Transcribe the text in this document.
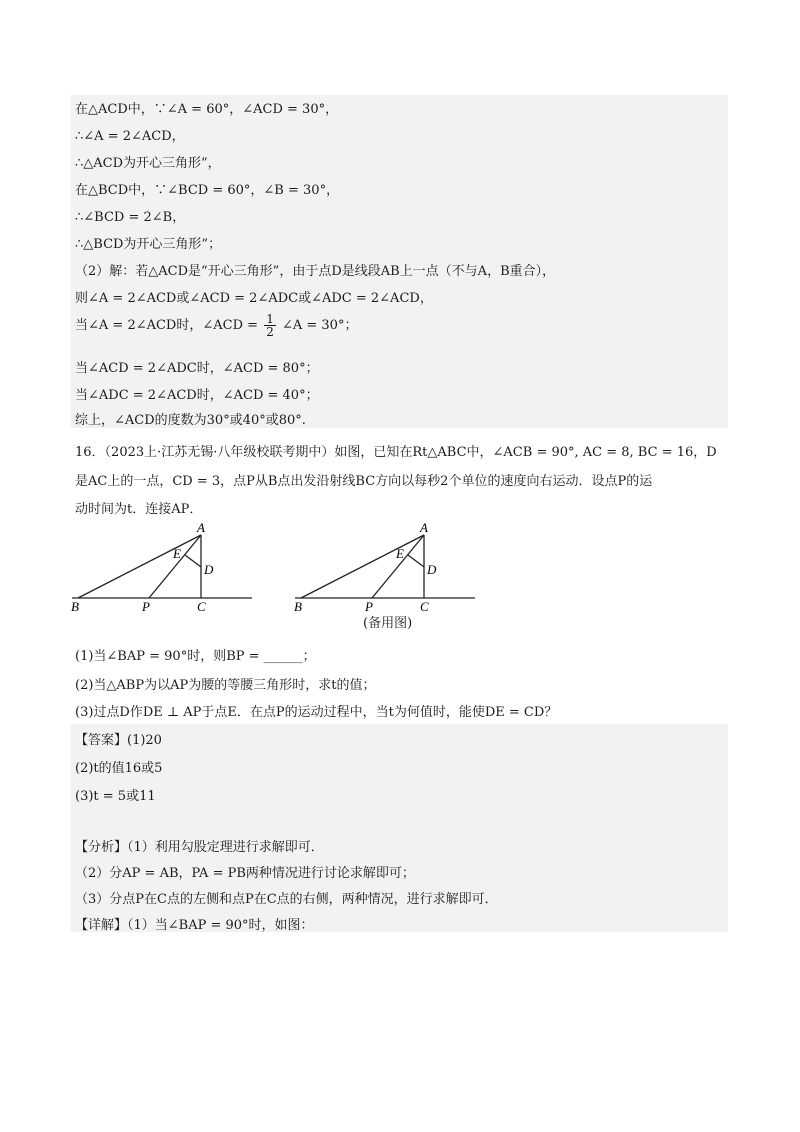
在△ACD中，∵∠A = 60°，∠ACD = 30°，
∴∠A = 2∠ACD，
∴△ACD为开心三角形”，
在△BCD中，∵∠BCD = 60°，∠B = 30°，
∴∠BCD = 2∠B，
∴△BCD为开心三角形”；
（2）解：若△ACD是“开心三角形”，由于点D是线段AB上一点（不与A，B重合），
则∠A = 2∠ACD或∠ACD = 2∠ADC或∠ADC = 2∠ACD，
当∠A = 2∠ACD时，∠ACD = $\frac{1}{2}$ ∠A = 30°；
当∠ACD = 2∠ADC时，∠ACD = 80°；
当∠ADC = 2∠ACD时，∠ACD = 40°；
综上，∠ACD的度数为30°或40°或80°.
16．（2023上·江苏无锡·八年级校联考期中）如图，已知在Rt△ABC中，∠ACB = 90°, AC = 8, BC = 16，D
是AC上的一点，CD = 3，点P从B点出发沿射线BC方向以每秒2个单位的速度向右运动．设点P的运
动时间为t．连接AP．
A
E
D
B	P	C
A
E
D
B	P	C
(备用图)
(1)当∠BAP = 90°时，则BP = ______；
(2)当△ABP为以AP为腰的等腰三角形时，求t的值；
(3)过点D作DE ⊥ AP于点E．在点P的运动过程中，当t为何值时，能使DE = CD？
【答案】(1)20
(2)t的值16或5
(3)t = 5或11
【分析】（1）利用勾股定理进行求解即可．
（2）分AP = AB，PA = PB两种情况进行讨论求解即可；
（3）分点P在C点的左侧和点P在C点的右侧，两种情况，进行求解即可．
【详解】（1）当∠BAP = 90°时，如图：
